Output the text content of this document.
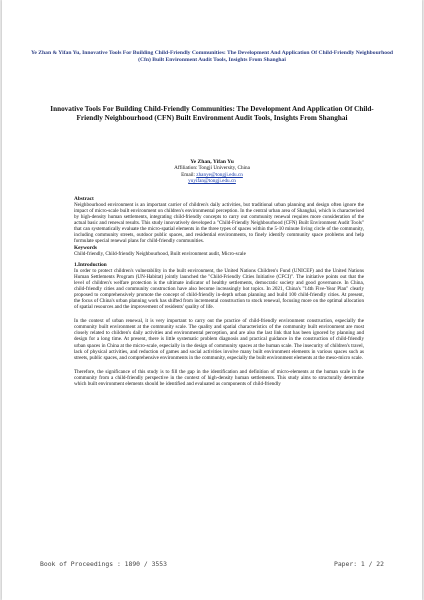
Ye Zhan & Yifan Yu, Innovative Tools For Building Child-Friendly Communities: The Development And Application Of Child-Friendly Neighbourhood (Cfn) Built Environment Audit Tools, Insights From Shanghai
Innovative Tools For Building Child-Friendly Communities: The Development And Application Of Child-Friendly Neighbourhood (CFN) Built Environment Audit Tools, Insights From Shanghai
Ye Zhan, Yifan Yu
Affiliation: Tongji University, China
Email: zhanye@tongji.edu.cn
yuyifan@tongji.edu.cn
Abstract

Neighbourhood environment is an important carrier of children's daily activities, but traditional urban planning and design often ignore the impact of micro-scale built environment on children's environmental perception. In the central urban area of Shanghai, which is characterised by high-density human settlements, integrating child-friendly concepts to carry out community renewal requires more consideration of the actual basic and renewal results. This study innovatively developed a "Child-Friendly Neighbourhood (CFN) Built Environment Audit Tools" that can systematically evaluate the micro-spatial elements in the three types of spaces within the 5-10 minute living circle of the community, including community streets, outdoor public spaces, and residential environments, to finely identify community space problems and help formulate special renewal plans for child-friendly communities.

Keywords

Child-friendly, Child-friendly Neighbourhood, Built environment audit, Micro-scale

1.Introduction

In order to protect children's vulnerability in the built environment, the United Nations Children's Fund (UNICEF) and the United Nations Human Settlements Program (UN-Habitat) jointly launched the "Child-Friendly Cities Initiative (CFCI)". The initiative points out that the level of children's welfare protection is the ultimate indicator of healthy settlements, democratic society and good governance. In China, child-friendly cities and community construction have also become increasingly hot topics. In 2021, China's "14th Five-Year Plan" clearly proposed to comprehensively promote the concept of child-friendly in-depth urban planning and build 100 child-friendly cities. At present, the focus of China's urban planning work has shifted from incremental construction to stock renewal, focusing more on the optimal allocation of spatial resources and the improvement of residents' quality of life.

In the context of urban renewal, it is very important to carry out the practice of child-friendly environment construction, especially the community built environment at the community scale. The quality and spatial characteristics of the community built environment are most closely related to children's daily activities and environmental perception, and are also the last link that has been ignored by planning and design for a long time. At present, there is little systematic problem diagnosis and practical guidance in the construction of child-friendly urban spaces in China at the micro-scale, especially in the design of community spaces at the human scale. The insecurity of children's travel, lack of physical activities, and reduction of games and social activities involve many built environment elements in various spaces such as streets, public spaces, and comprehensive environments in the community, especially the built environment elements at the meso-micro scale.

Therefore, the significance of this study is to fill the gap in the identification and definition of micro-elements at the human scale in the community from a child-friendly perspective in the context of high-density human settlements. This study aims to structurally determine which built environment elements should be identified and evaluated as components of child-friendly

Book of Proceedings : 1890 / 3553	Paper: 1 / 22
